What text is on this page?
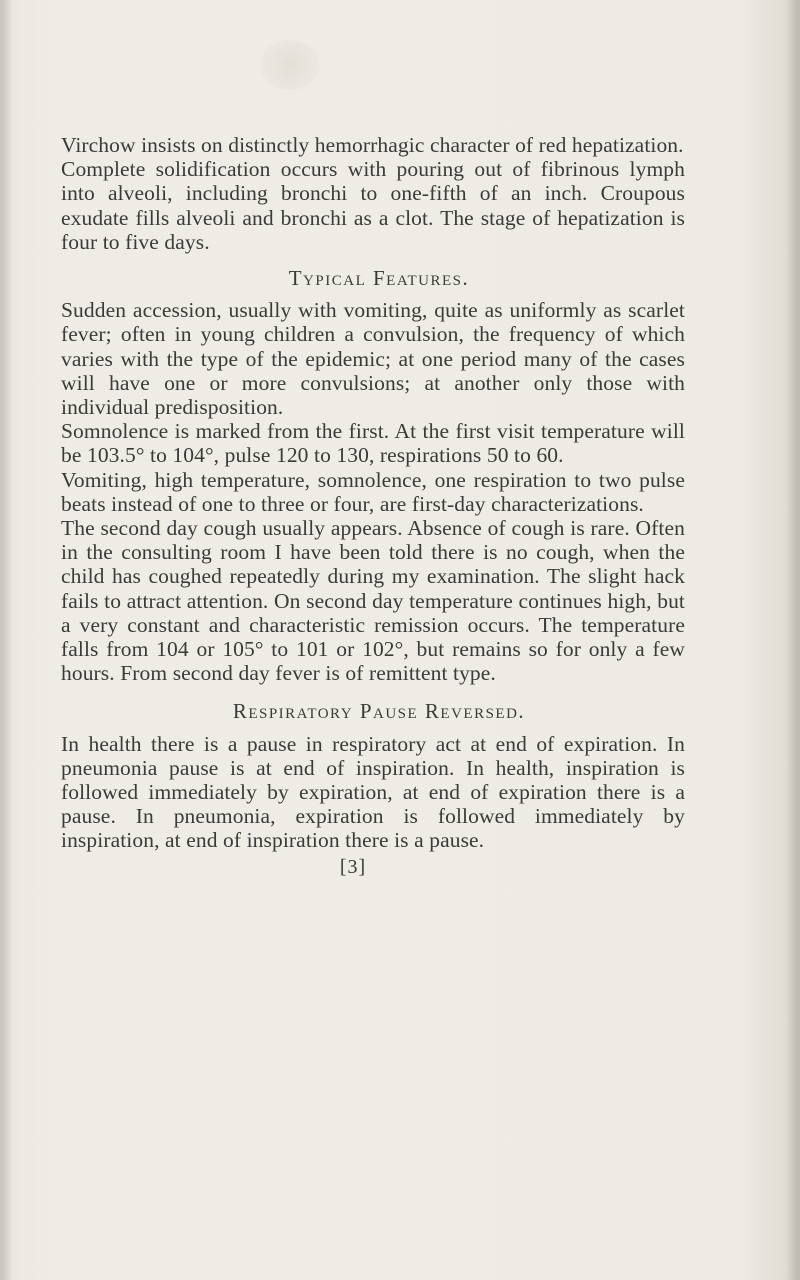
Virchow insists on distinctly hemorrhagic character of red hepatization.

Complete solidification occurs with pouring out of fibrinous lymph into alveoli, including bronchi to one-fifth of an inch. Croupous exudate fills alveoli and bronchi as a clot. The stage of hepatization is four to five days.

Typical Features.

Sudden accession, usually with vomiting, quite as uniformly as scarlet fever; often in young children a convulsion, the frequency of which varies with the type of the epidemic; at one period many of the cases will have one or more convulsions; at another only those with individual predisposition.

Somnolence is marked from the first. At the first visit temperature will be 103.5° to 104°, pulse 120 to 130, respirations 50 to 60.

Vomiting, high temperature, somnolence, one respiration to two pulse beats instead of one to three or four, are first-day characterizations.

The second day cough usually appears. Absence of cough is rare. Often in the consulting room I have been told there is no cough, when the child has coughed repeatedly during my examination. The slight hack fails to attract attention. On second day temperature continues high, but a very constant and characteristic remission occurs. The temperature falls from 104 or 105° to 101 or 102°, but remains so for only a few hours. From second day fever is of remittent type.

Respiratory Pause Reversed.

In health there is a pause in respiratory act at end of expiration. In pneumonia pause is at end of inspiration. In health, inspiration is followed immediately by expiration, at end of expiration there is a pause. In pneumonia, expiration is followed immediately by inspiration, at end of inspiration there is a pause.

[3]
